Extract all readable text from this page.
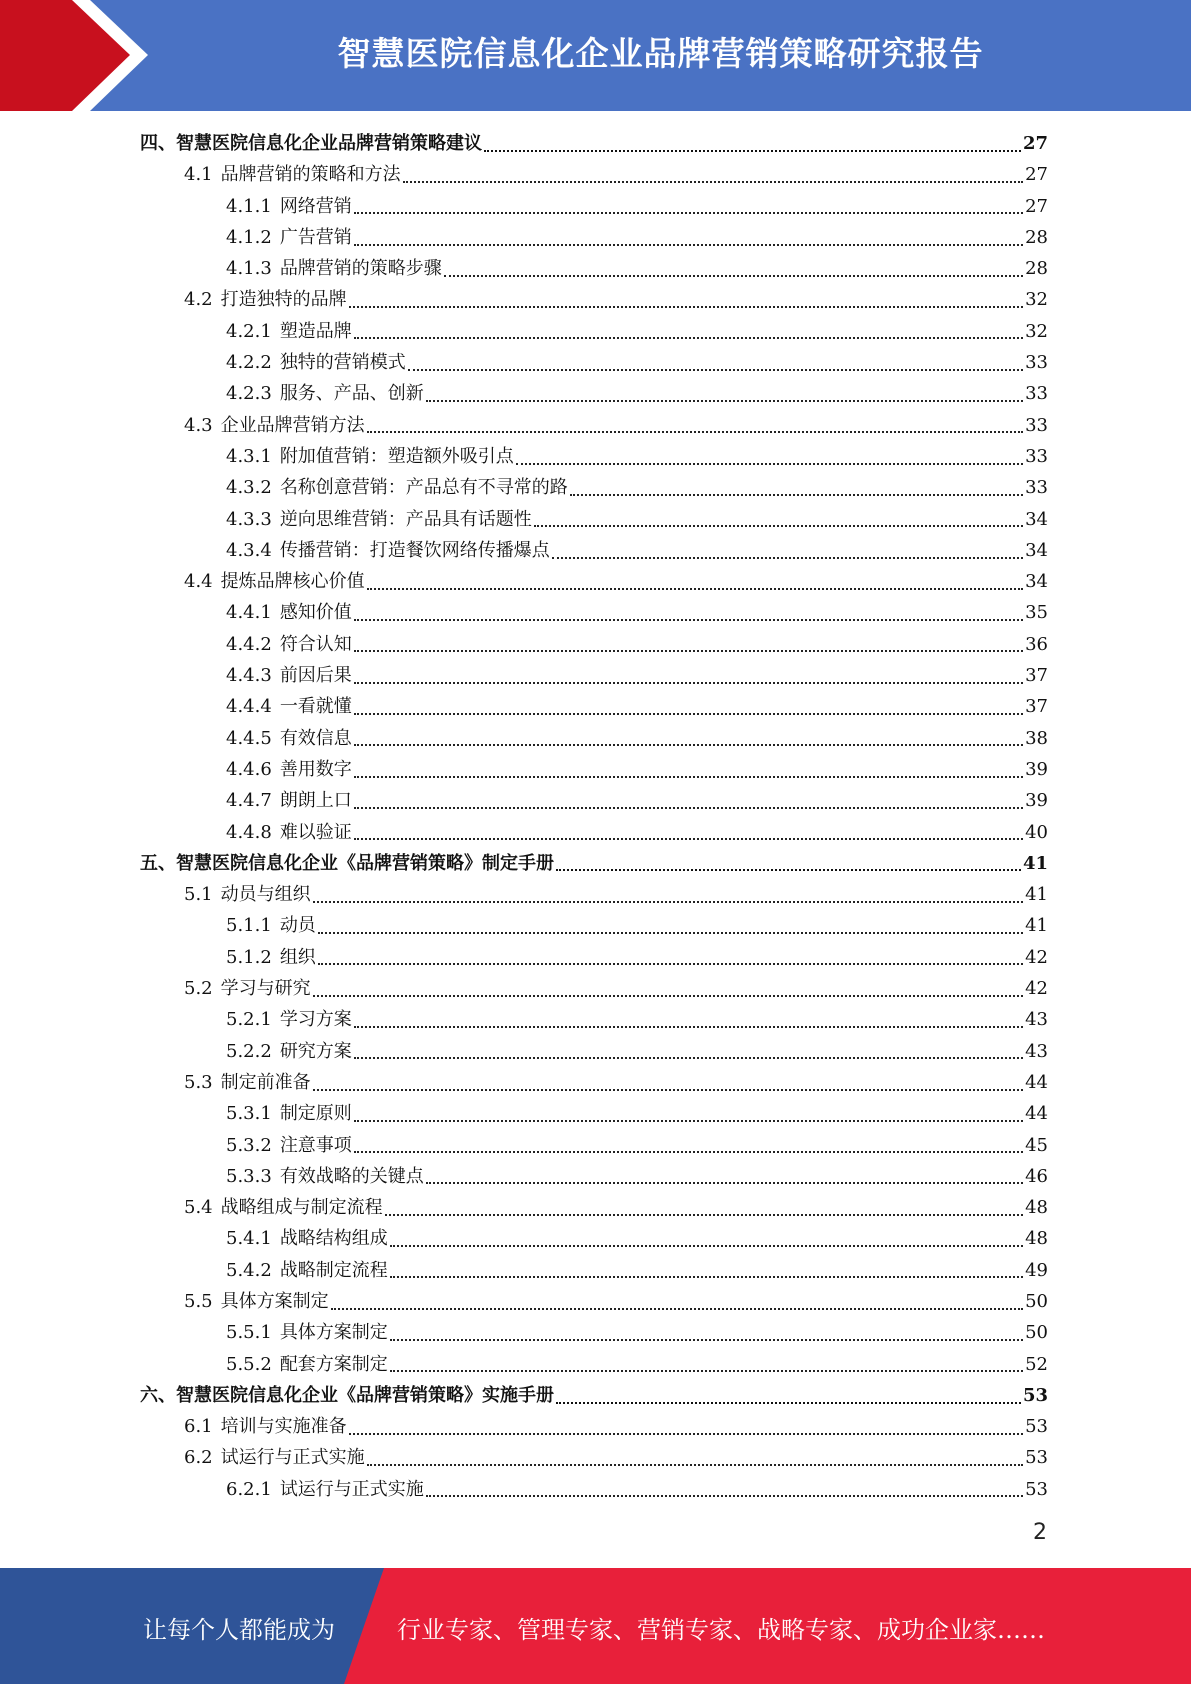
智慧医院信息化企业品牌营销策略研究报告
四、智慧医院信息化企业品牌营销策略建议	27
4.1 品牌营销的策略和方法	27
4.1.1 网络营销	27
4.1.2 广告营销	28
4.1.3 品牌营销的策略步骤	28
4.2 打造独特的品牌	32
4.2.1 塑造品牌	32
4.2.2 独特的营销模式	33
4.2.3 服务、产品、创新	33
4.3 企业品牌营销方法	33
4.3.1 附加值营销：塑造额外吸引点	33
4.3.2 名称创意营销：产品总有不寻常的路	33
4.3.3 逆向思维营销：产品具有话题性	34
4.3.4 传播营销：打造餐饮网络传播爆点	34
4.4 提炼品牌核心价值	34
4.4.1 感知价值	35
4.4.2 符合认知	36
4.4.3 前因后果	37
4.4.4 一看就懂	37
4.4.5 有效信息	38
4.4.6 善用数字	39
4.4.7 朗朗上口	39
4.4.8 难以验证	40
五、智慧医院信息化企业《品牌营销策略》制定手册	41
5.1 动员与组织	41
5.1.1 动员	41
5.1.2 组织	42
5.2 学习与研究	42
5.2.1 学习方案	43
5.2.2 研究方案	43
5.3 制定前准备	44
5.3.1 制定原则	44
5.3.2 注意事项	45
5.3.3 有效战略的关键点	46
5.4 战略组成与制定流程	48
5.4.1 战略结构组成	48
5.4.2 战略制定流程	49
5.5 具体方案制定	50
5.5.1 具体方案制定	50
5.5.2 配套方案制定	52
六、智慧医院信息化企业《品牌营销策略》实施手册	53
6.1 培训与实施准备	53
6.2 试运行与正式实施	53
6.2.1 试运行与正式实施	53
2
让每个人都能成为	行业专家、管理专家、营销专家、战略专家、成功企业家……
